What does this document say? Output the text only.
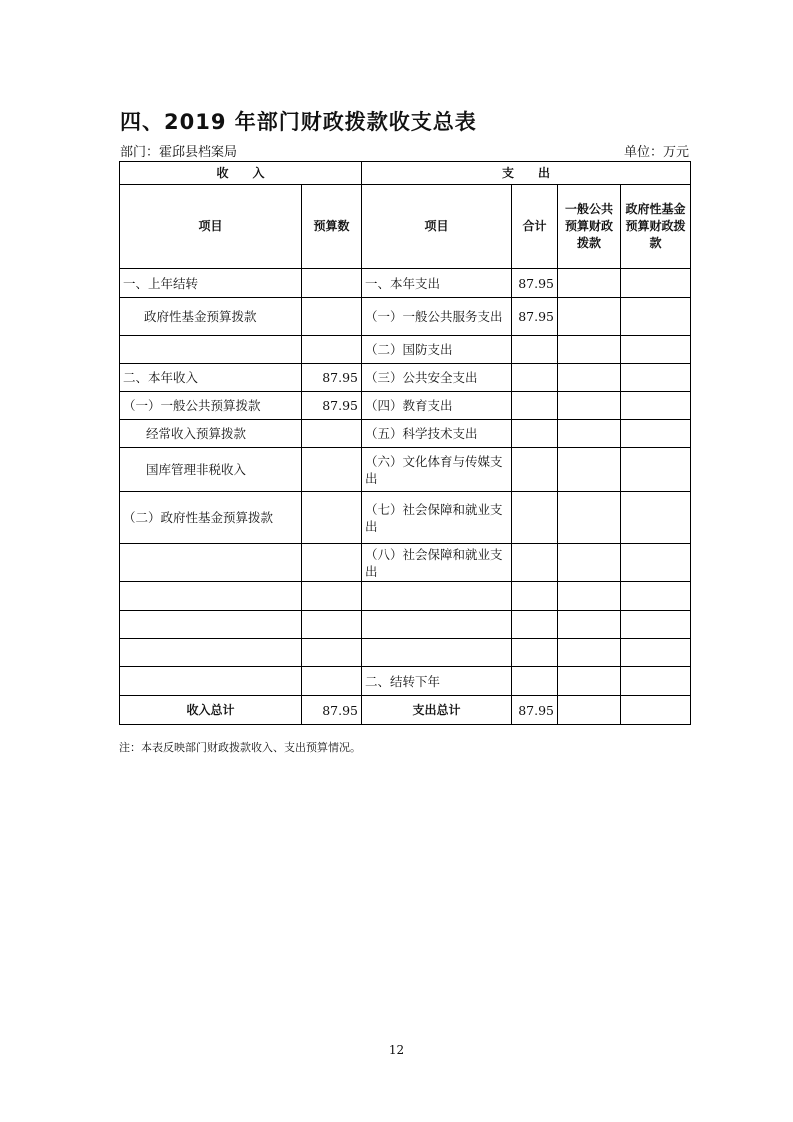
四、2019 年部门财政拨款收支总表
部门：霍邱县档案局	单位：万元
收　　入		支　　出			
项目	预算数	项目	合计	一般公共预算财政拨款	政府性基金预算财政拨款
一、上年结转		一、本年支出	87.95		
政府性基金预算拨款		（一）一般公共服务支出	87.95		
		（二）国防支出			
二、本年收入	87.95	（三）公共安全支出			
（一）一般公共预算拨款	87.95	（四）教育支出			
经常收入预算拨款		（五）科学技术支出			
国库管理非税收入		（六）文化体育与传媒支出			
（二）政府性基金预算拨款		（七）社会保障和就业支出			
		（八）社会保障和就业支出			

		二、结转下年			
收入总计	87.95	支出总计	87.95		
注：本表反映部门财政拨款收入、支出预算情况。
12
